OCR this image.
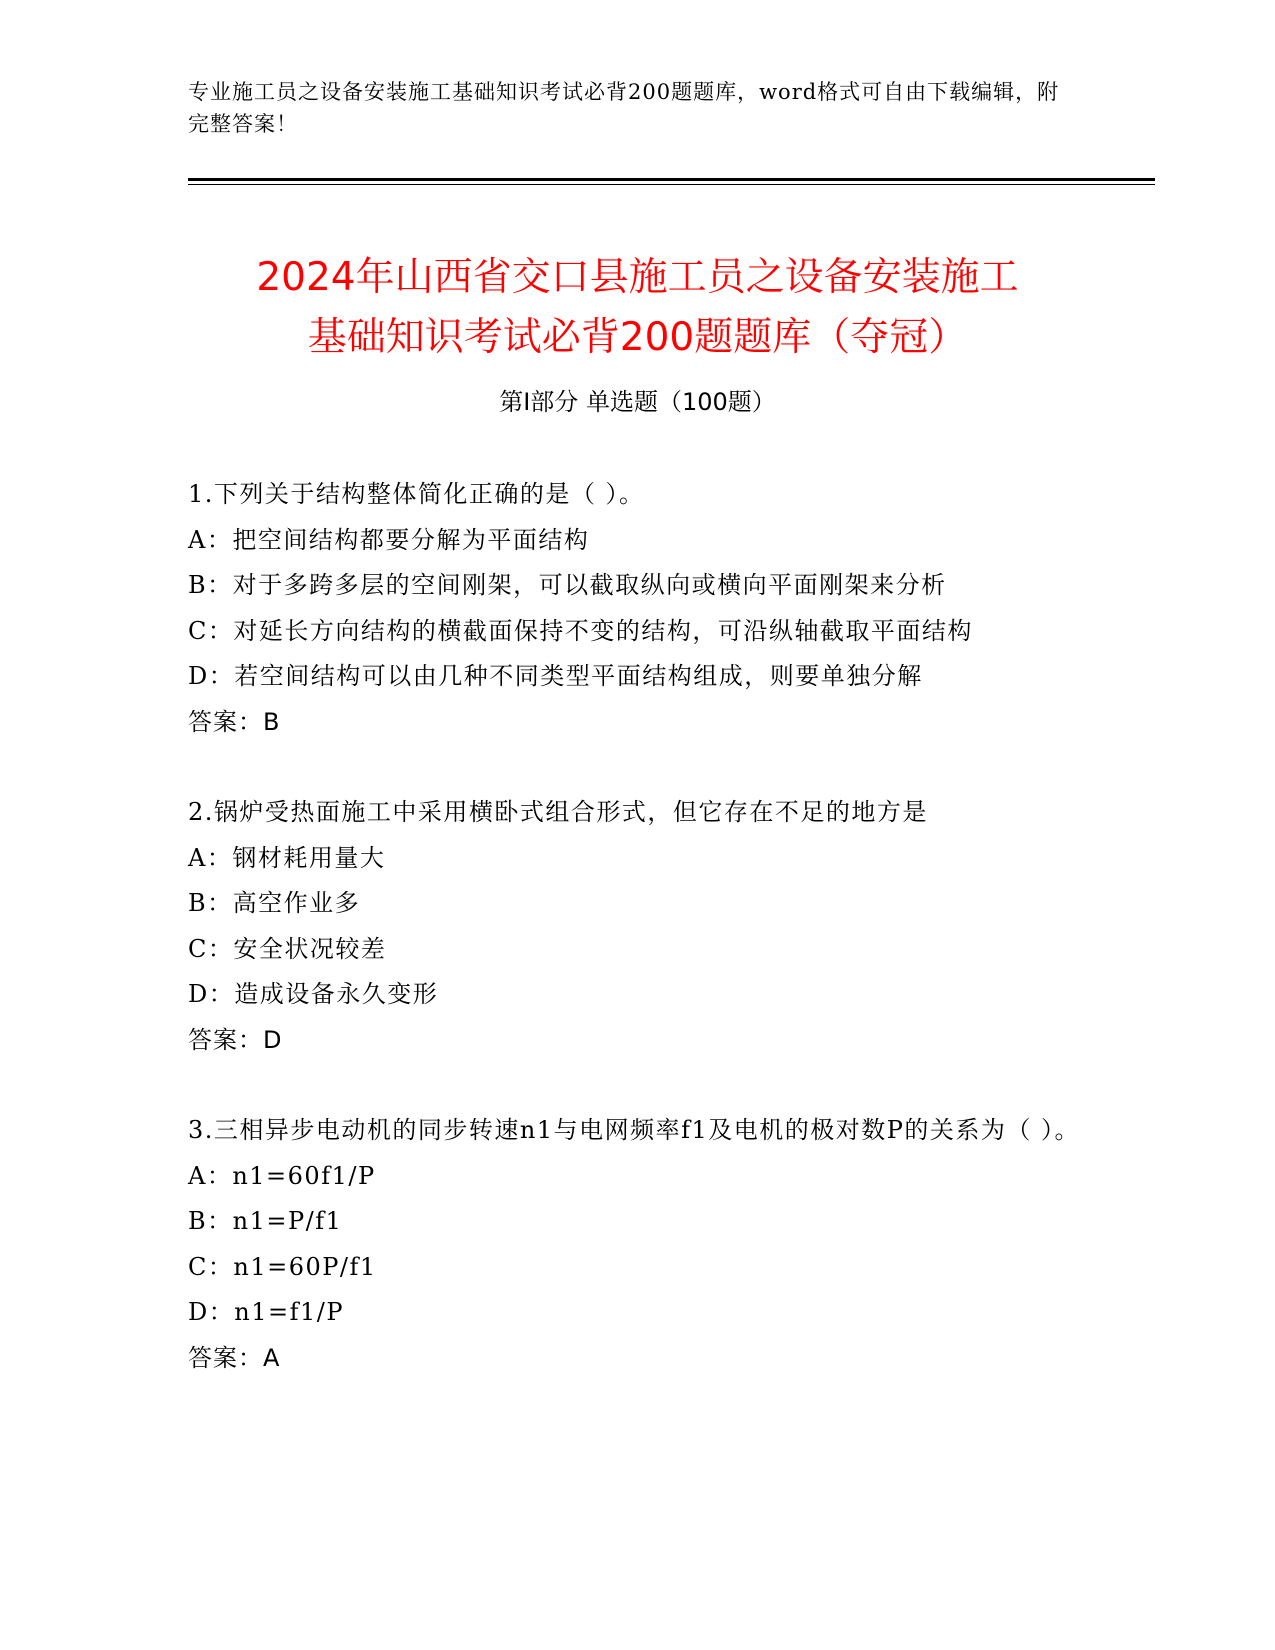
专业施工员之设备安装施工基础知识考试必背200题题库，word格式可自由下载编辑，附完整答案！
2024年山西省交口县施工员之设备安装施工
基础知识考试必背200题题库（夺冠）
第Ⅰ部分 单选题（100题）
1.下列关于结构整体简化正确的是（ ）。
A：把空间结构都要分解为平面结构
B：对于多跨多层的空间刚架，可以截取纵向或横向平面刚架来分析
C：对延长方向结构的横截面保持不变的结构，可沿纵轴截取平面结构
D：若空间结构可以由几种不同类型平面结构组成，则要单独分解
答案：B
2.锅炉受热面施工中采用横卧式组合形式，但它存在不足的地方是
A：钢材耗用量大
B：高空作业多
C：安全状况较差
D：造成设备永久变形
答案：D
3.三相异步电动机的同步转速n1与电网频率f1及电机的极对数P的关系为（ ）。
A：n1=60f1/P
B：n1=P/f1
C：n1=60P/f1
D：n1=f1/P
答案：A
